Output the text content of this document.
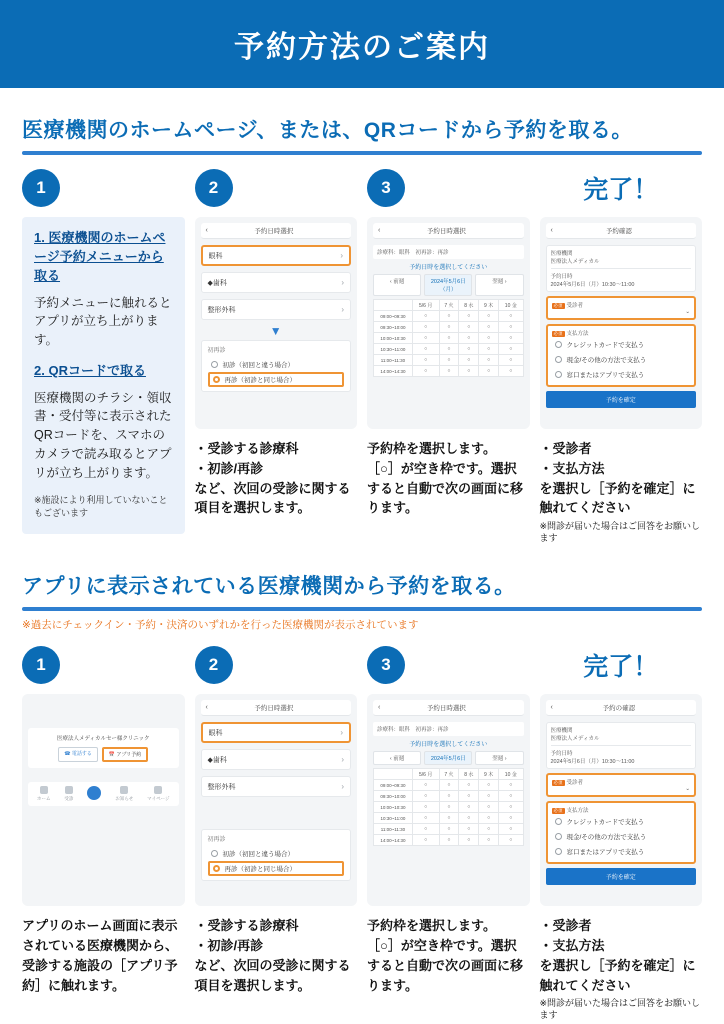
予約方法のご案内
医療機関のホームページ、または、QRコードから予約を取る。
1
1. 医療機関のホームページ予約メニューから取る

予約メニューに触れるとアプリが立ち上がります。

2. QRコードで取る

医療機関のチラシ・領収書・受付等に表示されたQRコードを、スマホのカメラで読み取るとアプリが立ち上がります。

※施設により利用していないこともございます

2
‹	予約日時選択
眼科	›
◆歯科	›
整形外科	›
▼
初再診
初診（初回と違う場合）
再診（初診と同じ場合）
・受診する診療科
・初診/再診
など、次回の受診に関する項目を選択します。
3
‹	予約日時選択
診療科：眼科　初再診：再診
予約日時を選択してください
‹ 前週	2024年5月6日（月）
翌週 ›
	5/6 月	7 火	8 水	9 木	10 金
09:00~09:30	○	○	○	○	○
09:30~10:00	○	○	○	○	○
10:00~10:30	○	○	○	○	○
10:30~11:00	○	○	○	○	○
11:00~11:30	○	○	○	○	○
14:00~14:30	○	○	○	○	○
予約枠を選択します。
［○］が空き枠です。選択すると自動で次の画面に移ります。
完了！
‹	予約確認
医療機関
医療法人メディカル
予約日時
2024年5月6日（月）10:30～11:00
必須 受診者
⌄
必須 支払方法
クレジットカードで支払う
現金/その他の方法で支払う
窓口またはアプリで支払う
予約を確定
・受診者
・支払方法
を選択し［予約を確定］に触れてください
※問診が届いた場合はご回答をお願いします
アプリに表示されている医療機関から予約を取る。
※過去にチェックイン・予約・決済のいずれかを行った医療機関が表示されています
1
医療法人メディカルセー様クリニック
☎ 電話する	📅 アプリ予約
ホーム	受診	お知らせ	マイページ
アプリのホーム画面に表示されている医療機関から、受診する施設の［アプリ予約］に触れます。
2
‹	予約日時選択
眼科	›
◆歯科	›
整形外科	›
初再診
初診（初回と違う場合）
再診（初診と同じ場合）
・受診する診療科
・初診/再診
など、次回の受診に関する項目を選択します。
3
‹	予約日時選択
診療科：眼科　初再診：再診
予約日時を選択してください
‹ 前週	2024年5月6日	翌週 ›
	5/6 月	7 火	8 水	9 木	10 金
09:00~09:30	○	○	○	○	○
09:30~10:00	○	○	○	○	○
10:00~10:30	○	○	○	○	○
10:30~11:00	○	○	○	○	○
11:00~11:30	○	○	○	○	○
14:00~14:30	○	○	○	○	○
予約枠を選択します。
［○］が空き枠です。選択すると自動で次の画面に移ります。
完了！
‹	予約の確認
医療機関
医療法人メディカル
予約日時
2024年5月6日（月）10:30～11:00
必須 受診者
⌄
必須 支払方法
クレジットカードで支払う
現金/その他の方法で支払う
窓口またはアプリで支払う
予約を確定
・受診者
・支払方法
を選択し［予約を確定］に触れてください
※問診が届いた場合はご回答をお願いします
